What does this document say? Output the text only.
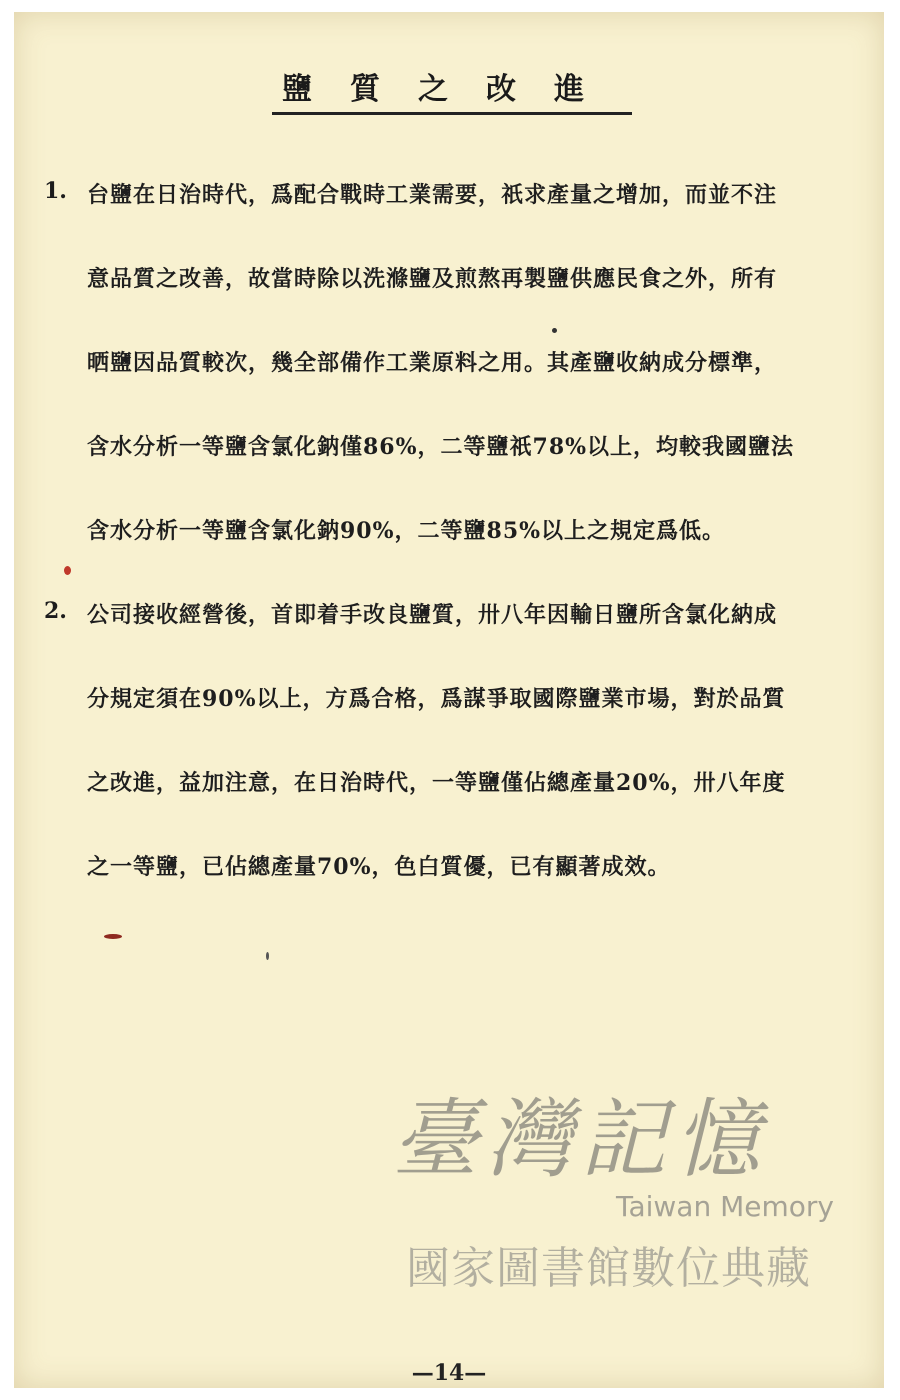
鹽質之改進
1. 台鹽在日治時代，爲配合戰時工業需要，祇求產量之增加，而並不注
意品質之改善，故當時除以洗滌鹽及煎熬再製鹽供應民食之外，所有
晒鹽因品質較次，幾全部備作工業原料之用。其產鹽收納成分標準，
含水分析一等鹽含氯化鈉僅86%，二等鹽祇78%以上，均較我國鹽法
含水分析一等鹽含氯化鈉90%，二等鹽85%以上之規定爲低。
2. 公司接收經營後，首即着手改良鹽質，卅八年因輸日鹽所含氯化納成
分規定須在90%以上，方爲合格，爲謀爭取國際鹽業市場，對於品質
之改進，益加注意，在日治時代，一等鹽僅佔總產量20%，卅八年度
之一等鹽，已佔總產量70%，色白質優，已有顯著成效。
臺灣記憶
Taiwan Memory
國家圖書館數位典藏
—14—
